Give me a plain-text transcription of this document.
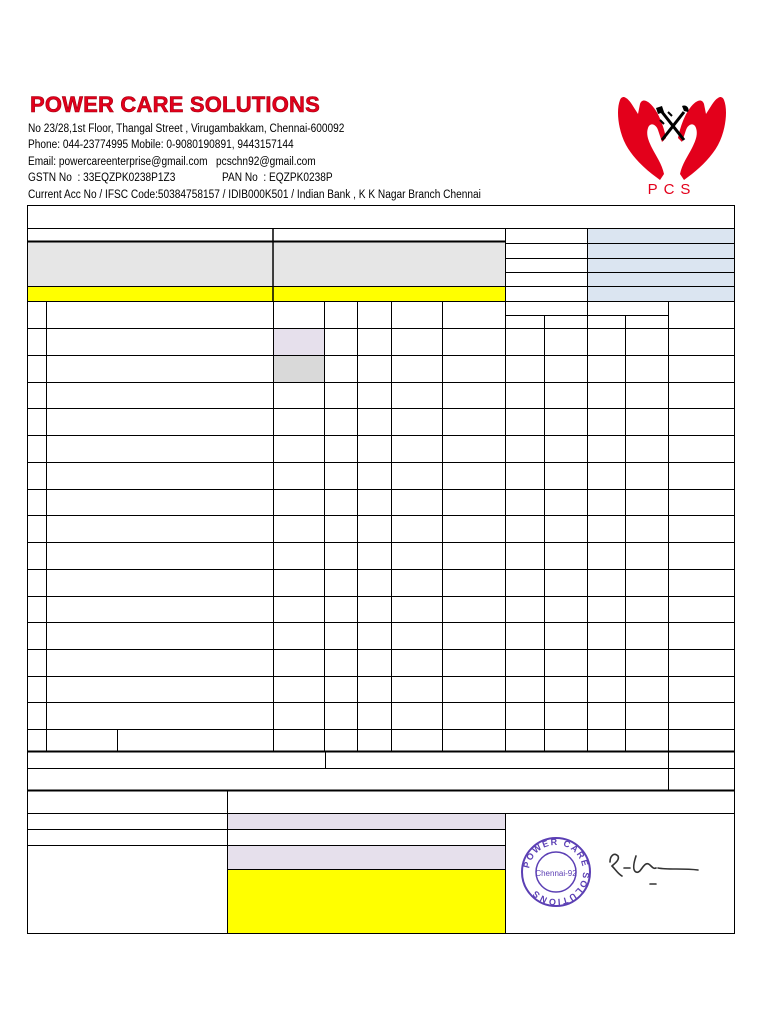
POWER CARE SOLUTIONS
No 23/28,1st Floor, Thangal Street , Virugambakkam, Chennai-600092
Phone: 044-23774995 Mobile: 0-9080190891, 9443157144
Email: powercareenterprise@gmail.com   pcschn92@gmail.com
GSTN No  : 33EQZPK0238P1Z3	PAN No  : EQZPK0238P
Current Acc No / IFSC Code:50384758157 / IDIB000K501 / Indian Bank , K K Nagar Branch Chennai	PCS
POWER CARE SOLUTIONS
Chennai-92
